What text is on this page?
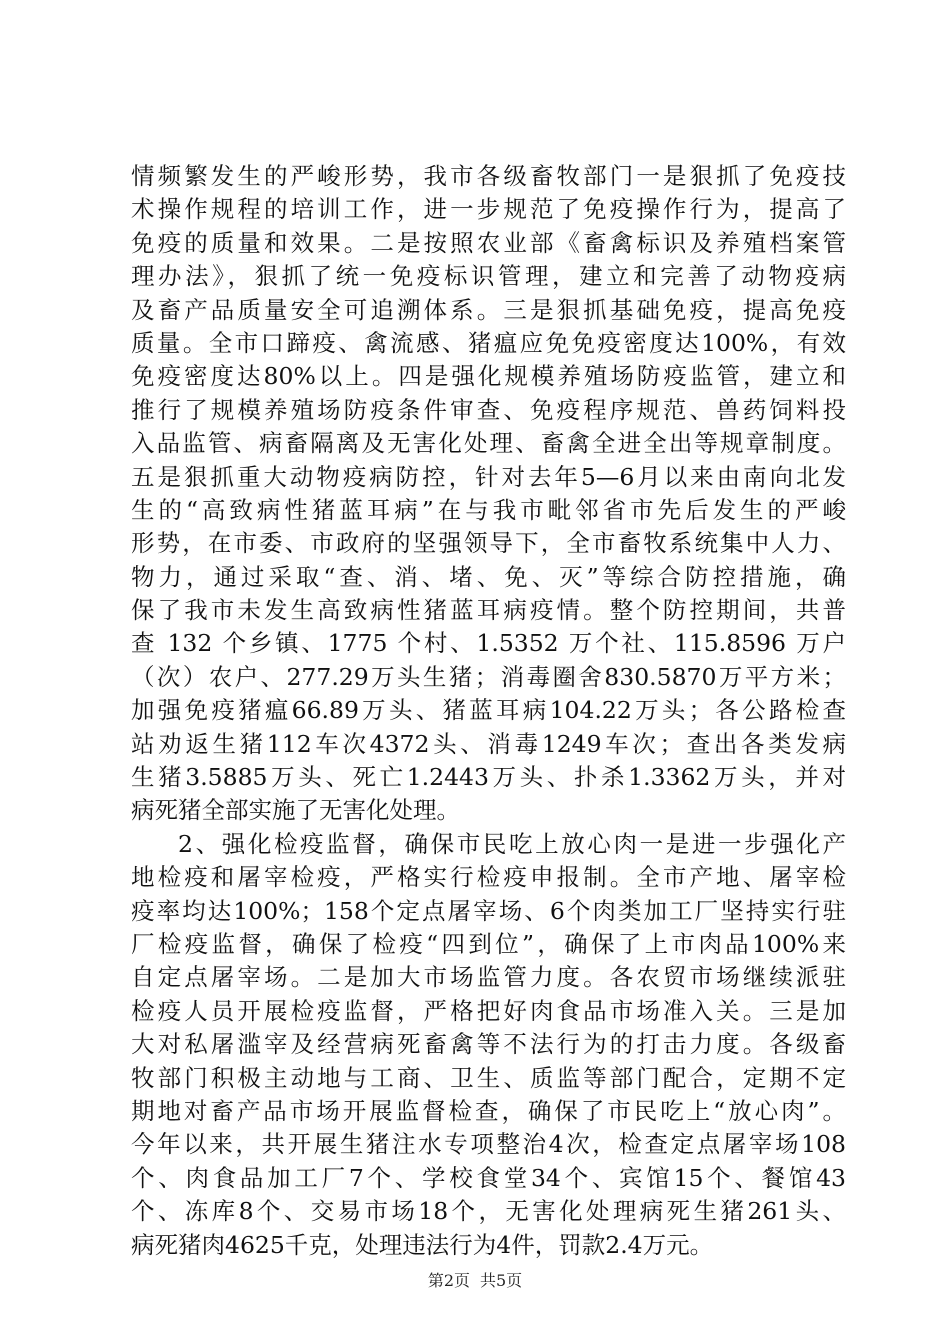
情频繁发生的严峻形势，我市各级畜牧部门一是狠抓了免疫技
术操作规程的培训工作，进一步规范了免疫操作行为，提高了
免疫的质量和效果。二是按照农业部《畜禽标识及养殖档案管
理办法》，狠抓了统一免疫标识管理，建立和完善了动物疫病
及畜产品质量安全可追溯体系。三是狠抓基础免疫，提高免疫
质量。全市口蹄疫、禽流感、猪瘟应免免疫密度达100%，有效
免疫密度达80%以上。四是强化规模养殖场防疫监管，建立和
推行了规模养殖场防疫条件审查、免疫程序规范、兽药饲料投
入品监管、病畜隔离及无害化处理、畜禽全进全出等规章制度。
五是狠抓重大动物疫病防控，针对去年5—6月以来由南向北发
生的“高致病性猪蓝耳病”在与我市毗邻省市先后发生的严峻
形势，在市委、市政府的坚强领导下，全市畜牧系统集中人力、
物力，通过采取“查、消、堵、免、灭”等综合防控措施，确
保了我市未发生高致病性猪蓝耳病疫情。整个防控期间，共普
查 132 个乡镇、1775 个村、1.5352 万个社、115.8596 万户
（次）农户、277.29万头生猪；消毒圈舍830.5870万平方米；
加强免疫猪瘟66.89万头、猪蓝耳病104.22万头；各公路检查
站劝返生猪112车次4372头、消毒1249车次；查出各类发病
生猪3.5885万头、死亡1.2443万头、扑杀1.3362万头，并对
病死猪全部实施了无害化处理。
2、强化检疫监督，确保市民吃上放心肉一是进一步强化产
地检疫和屠宰检疫，严格实行检疫申报制。全市产地、屠宰检
疫率均达100%；158个定点屠宰场、6个肉类加工厂坚持实行驻
厂检疫监督，确保了检疫“四到位”，确保了上市肉品100%来
自定点屠宰场。二是加大市场监管力度。各农贸市场继续派驻
检疫人员开展检疫监督，严格把好肉食品市场准入关。三是加
大对私屠滥宰及经营病死畜禽等不法行为的打击力度。各级畜
牧部门积极主动地与工商、卫生、质监等部门配合，定期不定
期地对畜产品市场开展监督检查，确保了市民吃上“放心肉”。
今年以来，共开展生猪注水专项整治4次，检查定点屠宰场108
个、肉食品加工厂7个、学校食堂34个、宾馆15个、餐馆43
个、冻库8个、交易市场18个，无害化处理病死生猪261头、
病死猪肉4625千克，处理违法行为4件，罚款2.4万元。
第2页 共5页
